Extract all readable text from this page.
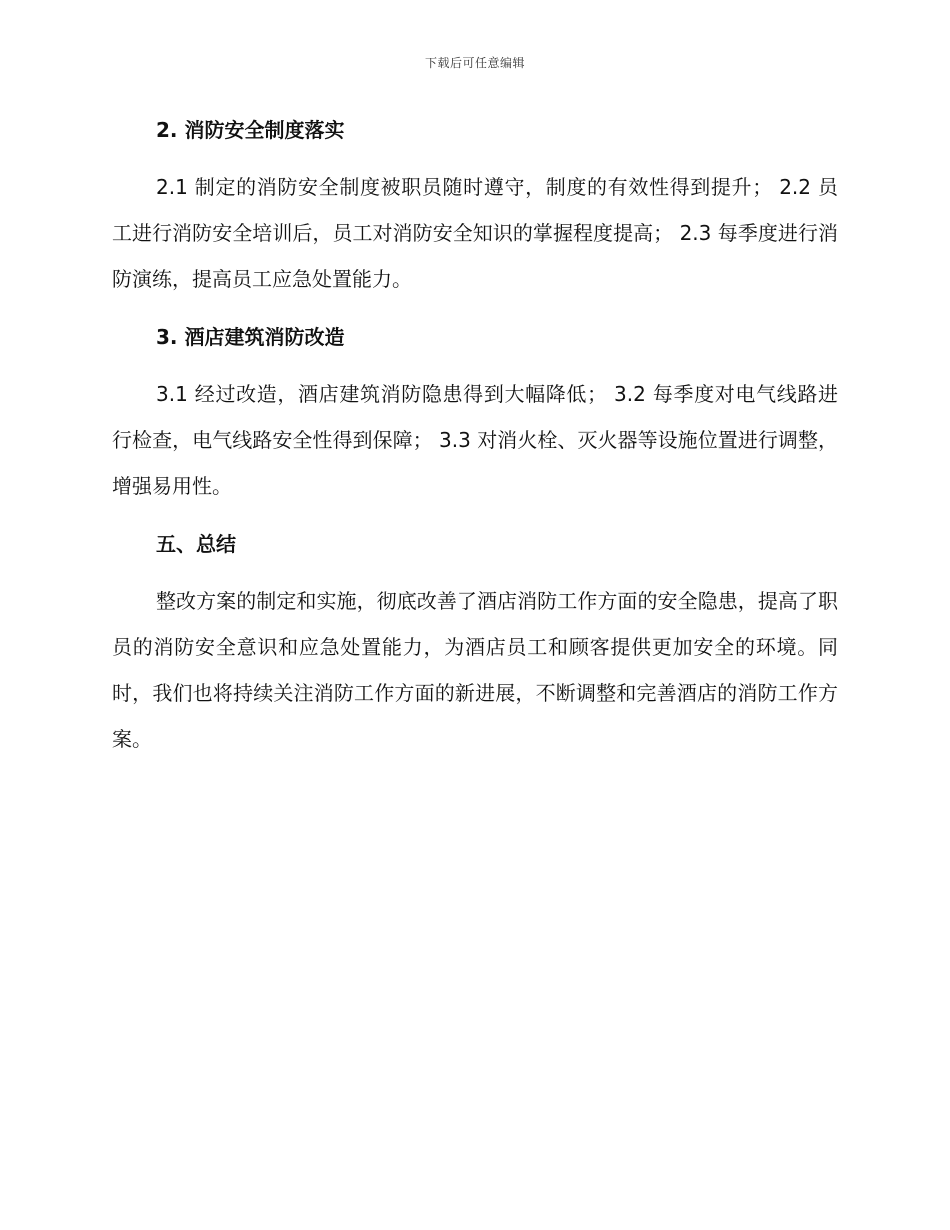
下载后可任意编辑
2. 消防安全制度落实

2.1 制定的消防安全制度被职员随时遵守，制度的有效性得到提升； 2.2 员工进行消防安全培训后，员工对消防安全知识的掌握程度提高； 2.3 每季度进行消防演练，提高员工应急处置能力。

3. 酒店建筑消防改造

3.1 经过改造，酒店建筑消防隐患得到大幅降低； 3.2 每季度对电气线路进行检查，电气线路安全性得到保障； 3.3 对消火栓、灭火器等设施位置进行调整，增强易用性。

五、总结

整改方案的制定和实施，彻底改善了酒店消防工作方面的安全隐患，提高了职员的消防安全意识和应急处置能力，为酒店员工和顾客提供更加安全的环境。同时，我们也将持续关注消防工作方面的新进展，不断调整和完善酒店的消防工作方案。
